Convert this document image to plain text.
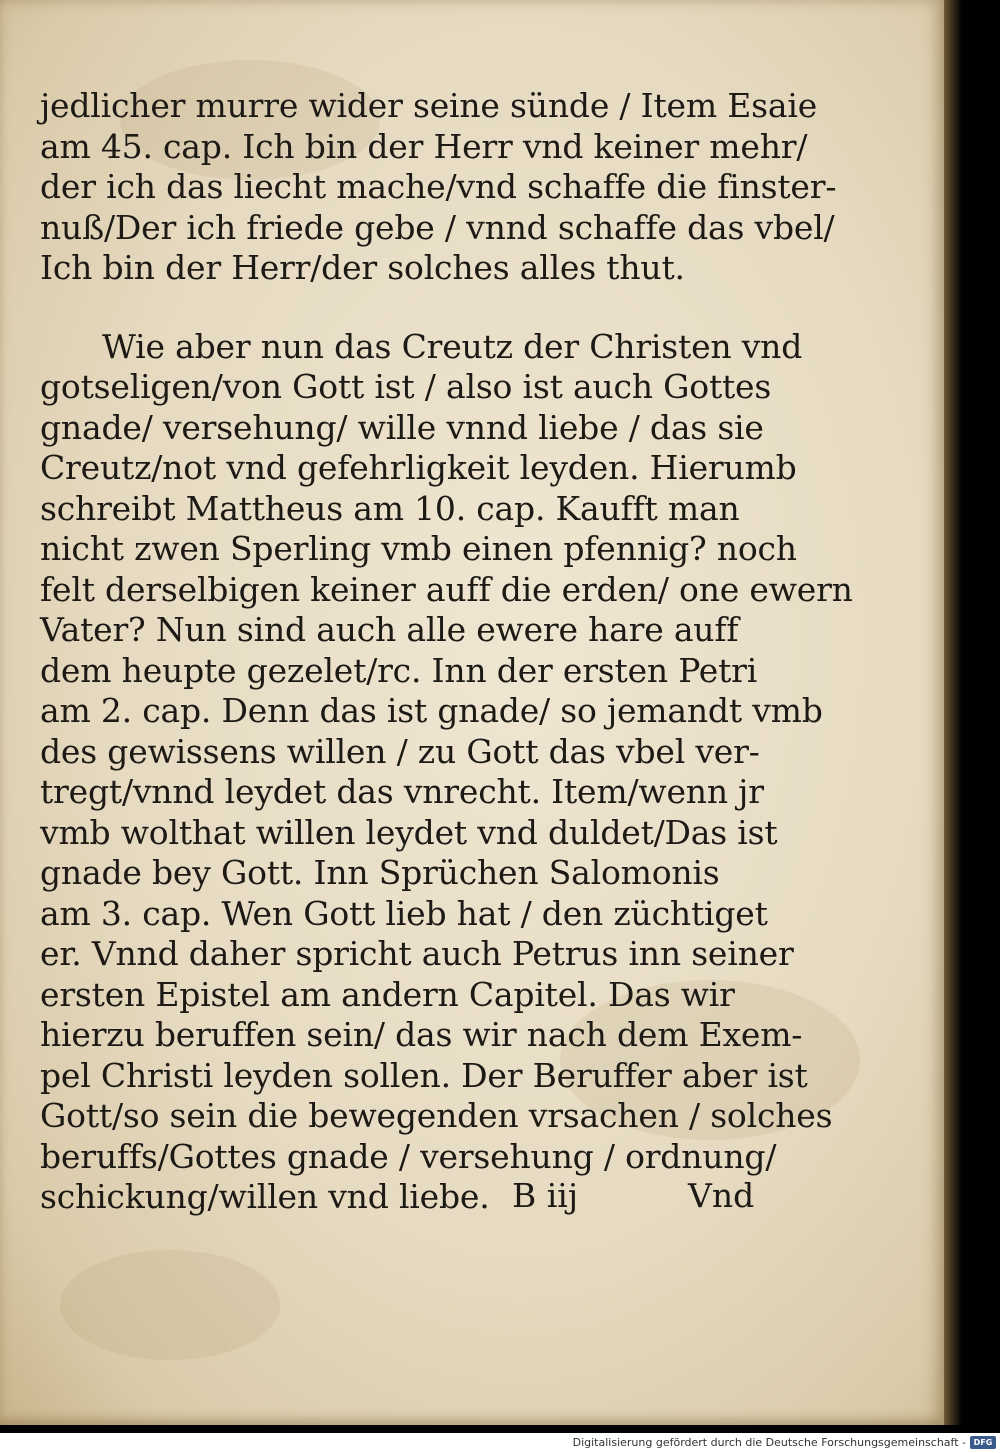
jedlicher murre wider seine sünde / Item Esaie
am 45. cap. Ich bin der Herr vnd keiner mehr/
der ich das liecht mache/vnd schaffe die finster-
nuß/Der ich friede gebe / vnnd schaffe das vbel/
Ich bin der Herr/der solches alles thut.
Wie aber nun das Creutz der Christen vnd
gotseligen/von Gott ist / also ist auch Gottes
gnade/ versehung/ wille vnnd liebe / das sie
Creutz/not vnd gefehrligkeit leyden. Hierumb
schreibt Mattheus am 10. cap. Kaufft man
nicht zwen Sperling vmb einen pfennig? noch
felt derselbigen keiner auff die erden/ one ewern
Vater? Nun sind auch alle ewere hare auff
dem heupte gezelet/rc. Inn der ersten Petri
am 2. cap. Denn das ist gnade/ so jemandt vmb
des gewissens willen / zu Gott das vbel ver-
tregt/vnnd leydet das vnrecht. Item/wenn jr
vmb wolthat willen leydet vnd duldet/Das ist
gnade bey Gott. Inn Sprüchen Salomonis
am 3. cap. Wen Gott lieb hat / den züchtiget
er. Vnnd daher spricht auch Petrus inn seiner
ersten Epistel am andern Capitel. Das wir
hierzu beruffen sein/ das wir nach dem Exem-
pel Christi leyden sollen. Der Beruffer aber ist
Gott/so sein die bewegenden vrsachen / solches
beruffs/Gottes gnade / versehung / ordnung/
schickung/willen vnd liebe. B iij	Vnd
Digitalisierung gefördert durch die Deutsche Forschungsgemeinschaft - DFG
